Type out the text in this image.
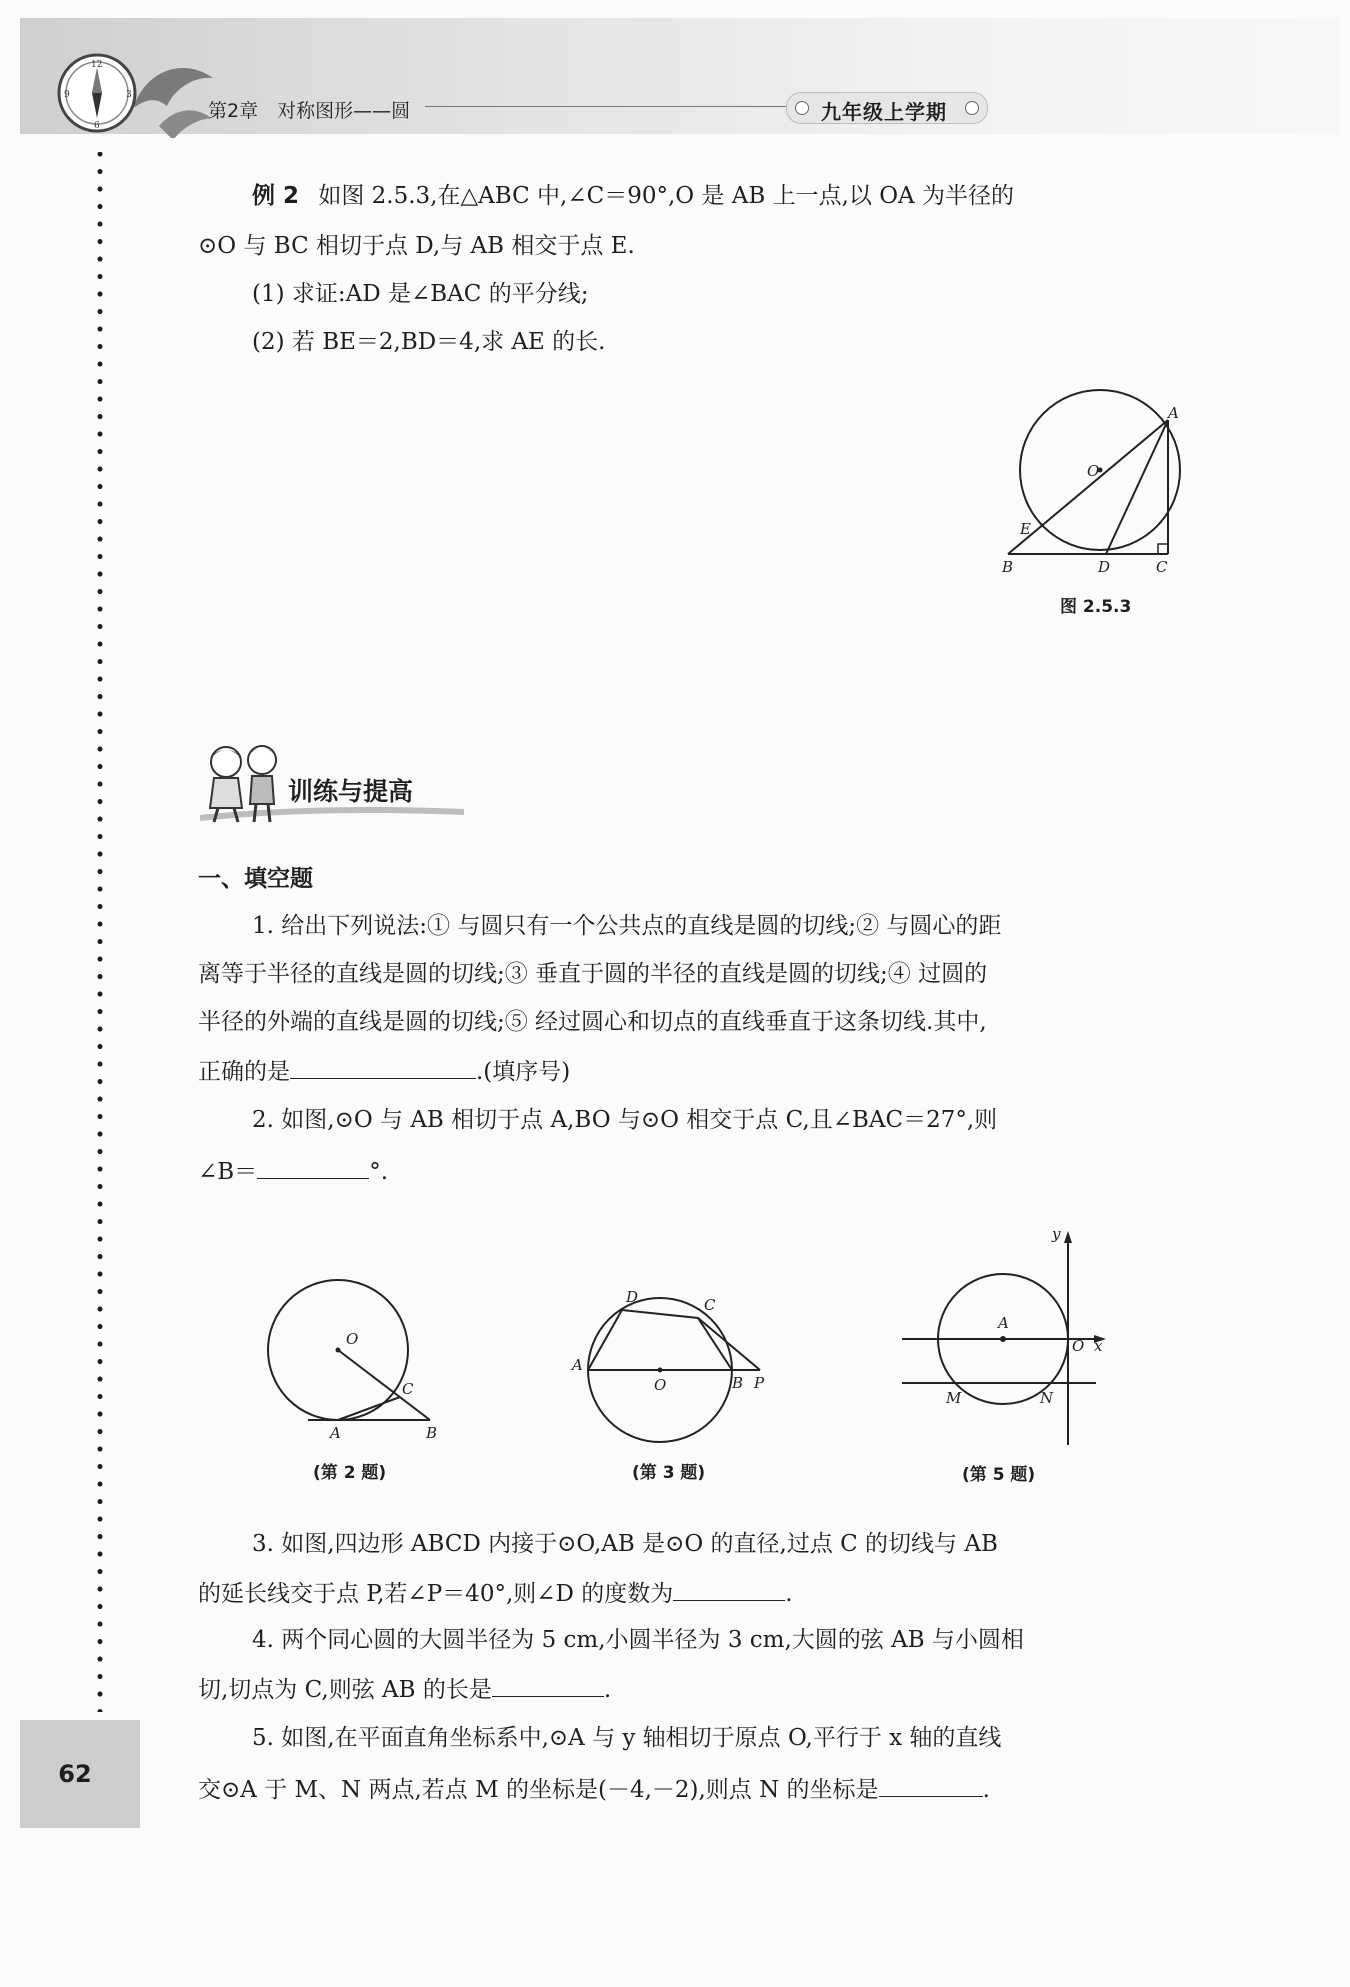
12
3
6
9
第2章　对称图形——圆	九年级上学期
62
例 2 如图 2.5.3,在△ABC 中,∠C＝90°,O 是 AB 上一点,以 OA 为半径的
⊙O 与 BC 相切于点 D,与 AB 相交于点 E.
(1) 求证:AD 是∠BAC 的平分线;
(2) 若 BE＝2,BD＝4,求 AE 的长.
A
O
E
B	D	C
图 2.5.3
训练与提高
一、填空题
1. 给出下列说法:① 与圆只有一个公共点的直线是圆的切线;② 与圆心的距
离等于半径的直线是圆的切线;③ 垂直于圆的半径的直线是圆的切线;④ 过圆的
半径的外端的直线是圆的切线;⑤ 经过圆心和切点的直线垂直于这条切线.其中,
正确的是	.(填序号)
2. 如图,⊙O 与 AB 相切于点 A,BO 与⊙O 相交于点 C,且∠BAC＝27°,则
∠B＝	°.
O
C
A	B
(第 2 题)
D	C
A
O	B P
(第 3 题)
y
A
O x
M	N
(第 5 题)
3. 如图,四边形 ABCD 内接于⊙O,AB 是⊙O 的直径,过点 C 的切线与 AB
的延长线交于点 P,若∠P＝40°,则∠D 的度数为	.
4. 两个同心圆的大圆半径为 5 cm,小圆半径为 3 cm,大圆的弦 AB 与小圆相
切,切点为 C,则弦 AB 的长是	.
5. 如图,在平面直角坐标系中,⊙A 与 y 轴相切于原点 O,平行于 x 轴的直线
交⊙A 于 M、N 两点,若点 M 的坐标是(－4,－2),则点 N 的坐标是	.
